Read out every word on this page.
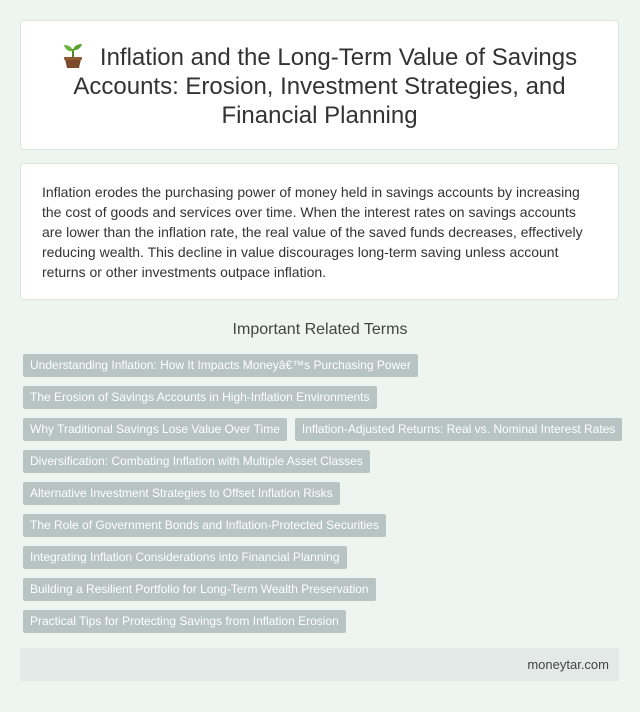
Inflation and the Long-Term Value of Savings Accounts: Erosion, Investment Strategies, and Financial Planning

Inflation erodes the purchasing power of money held in savings accounts by increasing the cost of goods and services over time. When the interest rates on savings accounts are lower than the inflation rate, the real value of the saved funds decreases, effectively reducing wealth. This decline in value discourages long-term saving unless account returns or other investments outpace inflation.

Important Related Terms
Understanding Inflation: How It Impacts Moneyâ€™s Purchasing Power
The Erosion of Savings Accounts in High-Inflation Environments
Why Traditional Savings Lose Value Over Time	Inflation-Adjusted Returns: Real vs. Nominal Interest Rates
Diversification: Combating Inflation with Multiple Asset Classes
Alternative Investment Strategies to Offset Inflation Risks
The Role of Government Bonds and Inflation-Protected Securities
Integrating Inflation Considerations into Financial Planning
Building a Resilient Portfolio for Long-Term Wealth Preservation
Practical Tips for Protecting Savings from Inflation Erosion
moneytar.com
